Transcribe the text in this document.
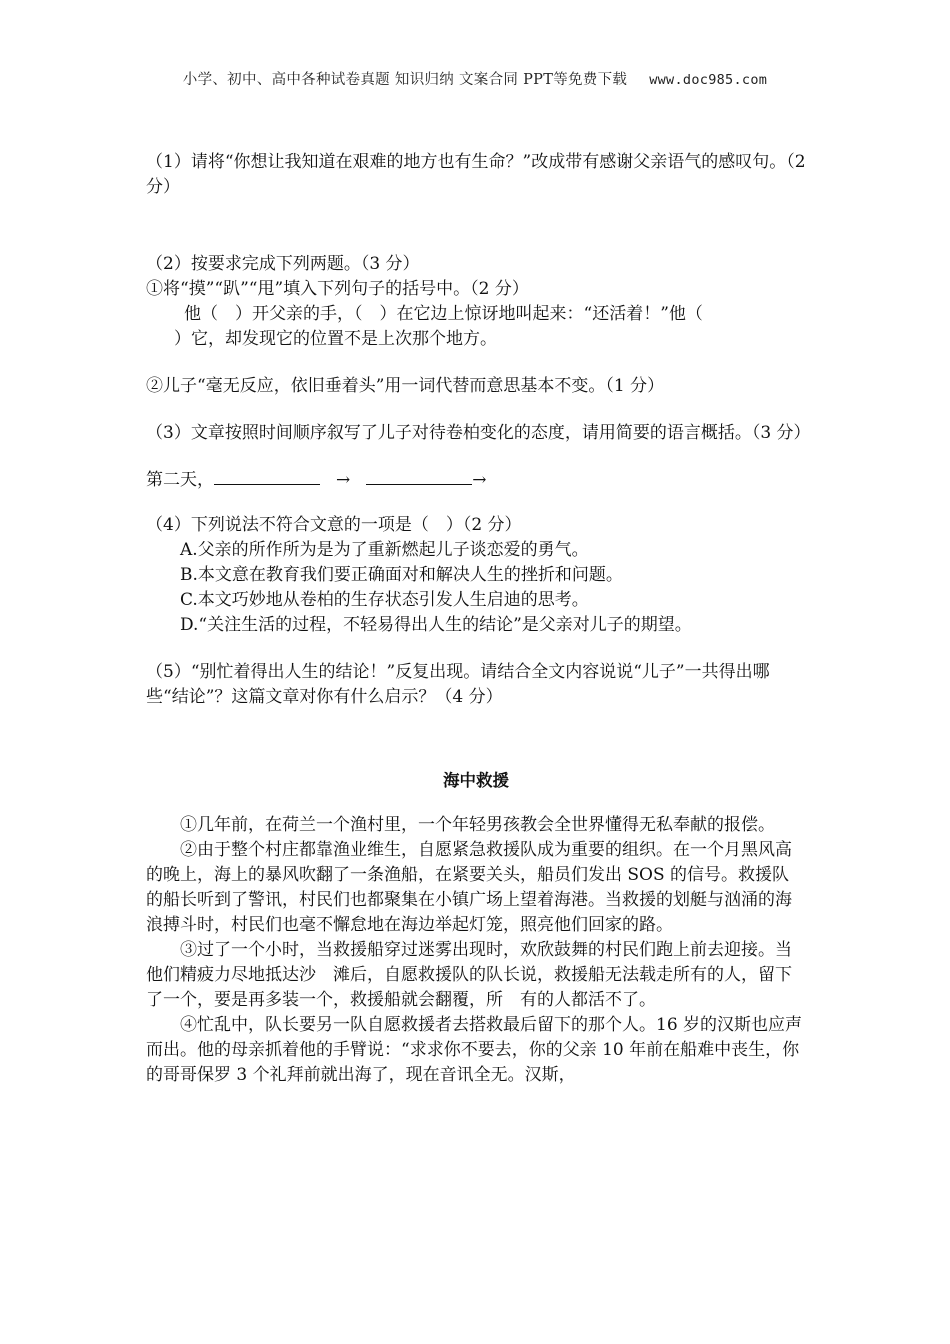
小学、初中、高中各种试卷真题 知识归纳 文案合同 PPT等免费下载 www.doc985.com

（1）请将“你想让我知道在艰难的地方也有生命？”改成带有感谢父亲语气的感叹句。（2 分）

（2）按要求完成下列两题。（3 分）

①将“摸”“趴”“甩”填入下列句子的括号中。（2 分）

他（　）开父亲的手，（　）在它边上惊讶地叫起来：“还活着！”他（

）它，却发现它的位置不是上次那个地方。

②儿子“毫无反应，依旧垂着头”用一词代替而意思基本不变。（1 分）

（3）文章按照时间顺序叙写了儿子对待卷柏变化的态度，请用简要的语言概括。（3 分）

第二天，	→	→

（4）下列说法不符合文意的一项是（　）（2 分）

A.父亲的所作所为是为了重新燃起儿子谈恋爱的勇气。

B.本文意在教育我们要正确面对和解决人生的挫折和问题。

C.本文巧妙地从卷柏的生存状态引发人生启迪的思考。

D.“关注生活的过程，不轻易得出人生的结论”是父亲对儿子的期望。

（5）“别忙着得出人生的结论！”反复出现。请结合全文内容说说“儿子”一共得出哪些“结论”？这篇文章对你有什么启示？（4 分）

海中救援

①几年前，在荷兰一个渔村里，一个年轻男孩教会全世界懂得无私奉献的报偿。

②由于整个村庄都靠渔业维生，自愿紧急救援队成为重要的组织。在一个月黑风高的晚上，海上的暴风吹翻了一条渔船，在紧要关头，船员们发出 SOS 的信号。救援队的船长听到了警讯，村民们也都聚集在小镇广场上望着海港。当救援的划艇与汹涌的海浪搏斗时，村民们也毫不懈怠地在海边举起灯笼，照亮他们回家的路。

③过了一个小时，当救援船穿过迷雾出现时，欢欣鼓舞的村民们跑上前去迎接。当他们精疲力尽地抵达沙　滩后，自愿救援队的队长说，救援船无法载走所有的人，留下了一个，要是再多装一个，救援船就会翻覆，所　有的人都活不了。

④忙乱中，队长要另一队自愿救援者去搭救最后留下的那个人。16 岁的汉斯也应声而出。他的母亲抓着他的手臂说：“求求你不要去，你的父亲 10 年前在船难中丧生，你的哥哥保罗 3 个礼拜前就出海了，现在音讯全无。汉斯，
